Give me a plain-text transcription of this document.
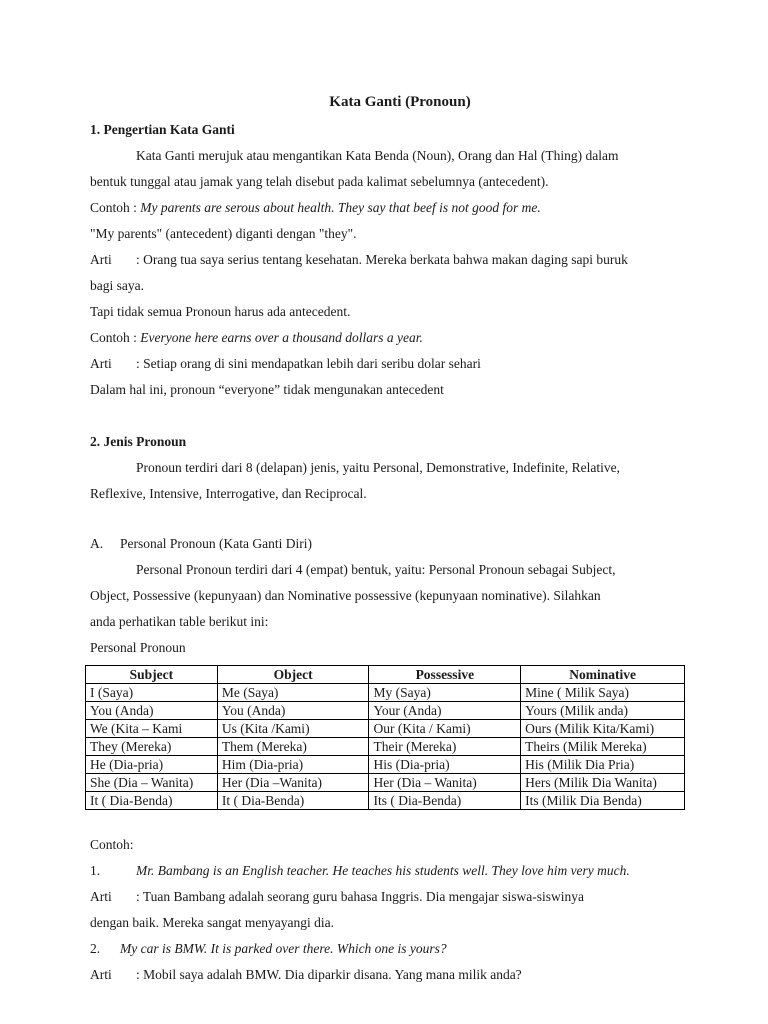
Kata Ganti (Pronoun)
1. Pengertian Kata Ganti
Kata Ganti merujuk atau mengantikan Kata Benda (Noun), Orang dan Hal (Thing) dalam
bentuk tunggal atau jamak yang telah disebut pada kalimat sebelumnya (antecedent).
Contoh : My parents are serous about health. They say that beef is not good for me.
"My parents" (antecedent) diganti dengan "they".
Arti : Orang tua saya serius tentang kesehatan. Mereka berkata bahwa makan daging sapi buruk
bagi saya.
Tapi tidak semua Pronoun harus ada antecedent.
Contoh : Everyone here earns over a thousand dollars a year.
Arti : Setiap orang di sini mendapatkan lebih dari seribu dolar sehari
Dalam hal ini, pronoun “everyone” tidak mengunakan antecedent
2. Jenis Pronoun
Pronoun terdiri dari 8 (delapan) jenis, yaitu Personal, Demonstrative, Indefinite, Relative,
Reflexive, Intensive, Interrogative, dan Reciprocal.
A. Personal Pronoun (Kata Ganti Diri)
Personal Pronoun terdiri dari 4 (empat) bentuk, yaitu: Personal Pronoun sebagai Subject,
Object, Possessive (kepunyaan) dan Nominative possessive (kepunyaan nominative). Silahkan
anda perhatikan table berikut ini:
Personal Pronoun
Subject	Object	Possessive	Nominative
I (Saya)	Me (Saya)	My (Saya)	Mine ( Milik Saya)
You (Anda)	You (Anda)	Your (Anda)	Yours (Milik anda)
We (Kita – Kami	Us (Kita /Kami)	Our (Kita / Kami)	Ours (Milik Kita/Kami)
They (Mereka)	Them (Mereka)	Their (Mereka)	Theirs (Milik Mereka)
He (Dia-pria)	Him (Dia-pria)	His (Dia-pria)	His (Milik Dia Pria)
She (Dia – Wanita)	Her (Dia –Wanita)	Her (Dia – Wanita)	Hers (Milik Dia Wanita)
It ( Dia-Benda)	It ( Dia-Benda)	Its ( Dia-Benda)	Its (Milik Dia Benda)
Contoh:
1.	Mr. Bambang is an English teacher. He teaches his students well. They love him very much.
Arti : Tuan Bambang adalah seorang guru bahasa Inggris. Dia mengajar siswa-siswinya
dengan baik. Mereka sangat menyayangi dia.
2. My car is BMW. It is parked over there. Which one is yours?
Arti : Mobil saya adalah BMW. Dia diparkir disana. Yang mana milik anda?
